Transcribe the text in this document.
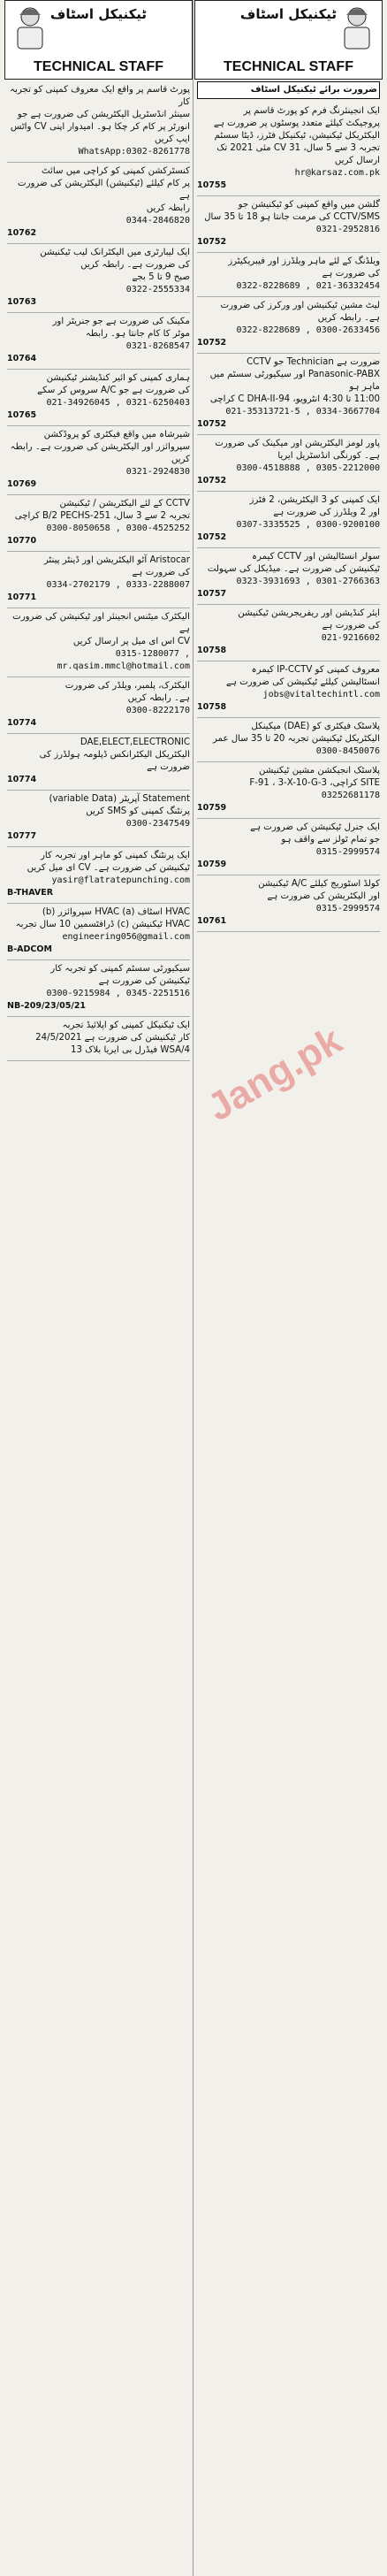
ٹیکنیکل اسٹاف
TECHNICAL STAFF

پورٹ قاسم پر واقع ایک معروف کمپنی کو تجربہ کار

سینئر انڈسٹریل الیکٹریشن کی ضرورت ہے جو

انورٹر پر کام کر چکا ہو۔ امیدوار اپنی CV واٹس ایپ کریں

WhatsApp:0302-8261778

کنسٹرکشن کمپنی کو کراچی میں سائٹ

پر کام کیلئے (ٹیکنیشن) الیکٹریشن کی ضرورت ہے

رابطہ کریں

0344-2846820

10762

ایک لیبارٹری میں الیکٹرانک لیب ٹیکنیشن

کی ضرورت ہے۔ رابطہ کریں

صبح 9 تا 5 بجے

0322-2555334

10763

مکینک کی ضرورت ہے جو جنریٹر اور

موٹر کا کام جانتا ہو۔ رابطہ

0321-8268547

10764

ہماری کمپنی کو ائیر کنڈیشنر ٹیکنیشن

کی ضرورت ہے جو A/C سروس کر سکے

021-34926045 , 0321-6250403

10765

شیرشاہ میں واقع فیکٹری کو پروڈکشن

سپروائزر اور الیکٹریشن کی ضرورت ہے۔ رابطہ کریں

0321-2924830

10769

CCTV کے لئے الیکٹریشن / ٹیکنیشن

تجربہ 2 سے 3 سال، 251-B/2 PECHS کراچی

0300-8050658 , 0300-4525252

10770

Aristocar آٹو الیکٹریشن اور ڈینٹر پینٹر

کی ضرورت ہے

0334-2702179 , 0333-2288007

10771

الیکٹرک میٹنس انجینئر اور ٹیکنیشن کی ضرورت ہے

CV اس ای میل پر ارسال کریں

0315-1280077 , mr.qasim.mmcl@hotmail.com

الیکٹرک، پلمبر، ویلڈر کی ضرورت

ہے۔ رابطہ کریں

0300-8222170

10774

DAE,ELECT,ELECTRONIC

الیکٹریکل الیکٹرانکس ڈپلومہ ہولڈرز کی ضرورت ہے

10774

Statement آپریٹر (variable Data)

پرنٹنگ کمپنی کو SMS کریں

0300-2347549

10777

ایک پرنٹنگ کمپنی کو ماہر اور تجربہ کار

ٹیکنیشن کی ضرورت ہے۔ CV ای میل کریں

yasir@flatratepunching.com

B-THAVER

HVAC اسٹاف (a) HVAC سپروائزر (b)

HVAC ٹیکنیشن (c) ڈرافٹسمین 10 سال تجربہ

engineering056@gmail.com

B-ADCOM

سیکیورٹی سسٹم کمپنی کو تجربہ کار

ٹیکنیشن کی ضرورت ہے

0300-9215984 , 0345-2251516

NB-209/23/05/21

ایک ٹیکنیکل کمپنی کو اپلائیڈ تجربہ

کار ٹیکنیشن کی ضرورت ہے 24/5/2021

WSA/4 فیڈرل بی ایریا بلاک 13

ٹیکنیکل اسٹاف
TECHNICAL STAFF
ضرورت برائے ٹیکنیکل اسٹاف

ایک انجینئرنگ فرم کو پورٹ قاسم پر

پروجیکٹ کیلئے متعدد پوسٹوں پر ضرورت ہے

الیکٹریکل ٹیکنیشن، ٹیکنیکل فٹرز، ڈیٹا سسٹم

تجربہ 3 سے 5 سال، CV 31 مئی 2021 تک ارسال کریں

hr@karsaz.com.pk

10755

گلشن میں واقع کمپنی کو ٹیکنیشن جو

CCTV/SMS کی مرمت جانتا ہو 18 تا 35 سال

0321-2952816

10752

ویلڈنگ کے لئے ماہر ویلڈرز اور فیبریکیٹرز

کی ضرورت ہے

0322-8228689 , 021-36332454

لیٹ مشین ٹیکنیشن اور ورکرز کی ضرورت

ہے۔ رابطہ کریں

0322-8228689 , 0300-2633456

10752

ضرورت ہے Technician جو CCTV

Panasonic-PABX اور سیکیورٹی سسٹم میں ماہر ہو

11:00 تا 4:30 انٹرویو، 94-C DHA-II کراچی

021-35313721-5 , 0334-3667704

10752

پاور لومز الیکٹریشن اور میکینک کی ضرورت

ہے۔ کورنگی انڈسٹریل ایریا

0300-4518888 , 0305-2212000

10752

ایک کمپنی کو 3 الیکٹریشن، 2 فٹرز

اور 2 ویلڈرز کی ضرورت ہے

0307-3335525 , 0300-9200100

10752

سولر انسٹالیشن اور CCTV کیمرہ

ٹیکنیشن کی ضرورت ہے۔ میڈیکل کی سہولت

0323-3931693 , 0301-2766363

10757

ایئر کنڈیشن اور ریفریجریشن ٹیکنیشن

کی ضرورت ہے

021-9216602

10758

معروف کمپنی کو IP-CCTV کیمرہ

انسٹالیشن کیلئے ٹیکنیشن کی ضرورت ہے

jobs@vitaltechintl.com

10758

پلاسٹک فیکٹری کو (DAE) میکینکل

الیکٹریکل ٹیکنیشن تجربہ 20 تا 35 سال عمر

0300-8450076

پلاسٹک انجیکشن مشین ٹیکنیشن

SITE کراچی، F-91 ، 3-X-10-G-3

03252681178

10759

ایک جنرل ٹیکنیشن کی ضرورت ہے

جو تمام ٹولز سے واقف ہو

0315-2999574

10759

کولڈ اسٹوریج کیلئے A/C ٹیکنیشن

اور الیکٹریشن کی ضرورت ہے

0315-2999574

10761
Jang.pk
